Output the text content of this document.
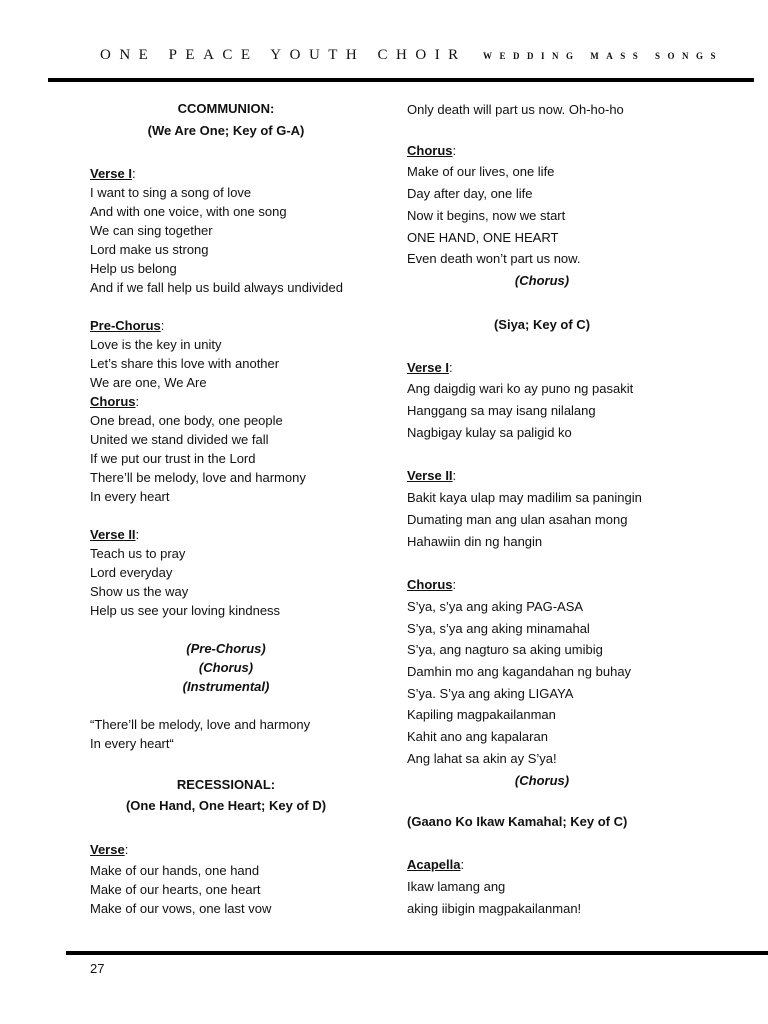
ONE PEACE YOUTH CHOIR WEDDING MASS SONGS
CCOMMUNION:
(We Are One; Key of G-A)
Verse I:
I want to sing a song of love
And with one voice, with one song
We can sing together
Lord make us strong
Help us belong
And if we fall help us build always undivided
Pre-Chorus:
Love is the key in unity
Let’s share this love with another
We are one, We Are
Chorus:
One bread, one body, one people
United we stand divided we fall
If we put our trust in the Lord
There’ll be melody, love and harmony
In every heart
Verse II:
Teach us to pray
Lord everyday
Show us the way
Help us see your loving kindness
(Pre-Chorus)
(Chorus)
(Instrumental)
“There’ll be melody, love and harmony
In every heart“
RECESSIONAL:
(One Hand, One Heart; Key of D)
Verse:
Make of our hands, one hand
Make of our hearts, one heart
Make of our vows, one last vow
Only death will part us now. Oh-ho-ho
Chorus:
Make of our lives, one life
Day after day, one life
Now it begins, now we start
ONE HAND, ONE HEART
Even death won’t part us now.
(Chorus)
(Siya; Key of C)
Verse I:
Ang daigdig wari ko ay puno ng pasakit
Hanggang sa may isang nilalang
Nagbigay kulay sa paligid ko
Verse II:
Bakit kaya ulap may madilim sa paningin
Dumating man ang ulan asahan mong
Hahawiin din ng hangin
Chorus:
S’ya, s’ya ang aking PAG-ASA
S’ya, s’ya ang aking minamahal
S’ya, ang nagturo sa aking umibig
Damhin mo ang kagandahan ng buhay
S’ya. S’ya ang aking LIGAYA
Kapiling magpakailanman
Kahit ano ang kapalaran
Ang lahat sa akin ay S’ya!
(Chorus)
(Gaano Ko Ikaw Kamahal; Key of C)
Acapella:
Ikaw lamang ang
aking iibigin magpakailanman!
27
